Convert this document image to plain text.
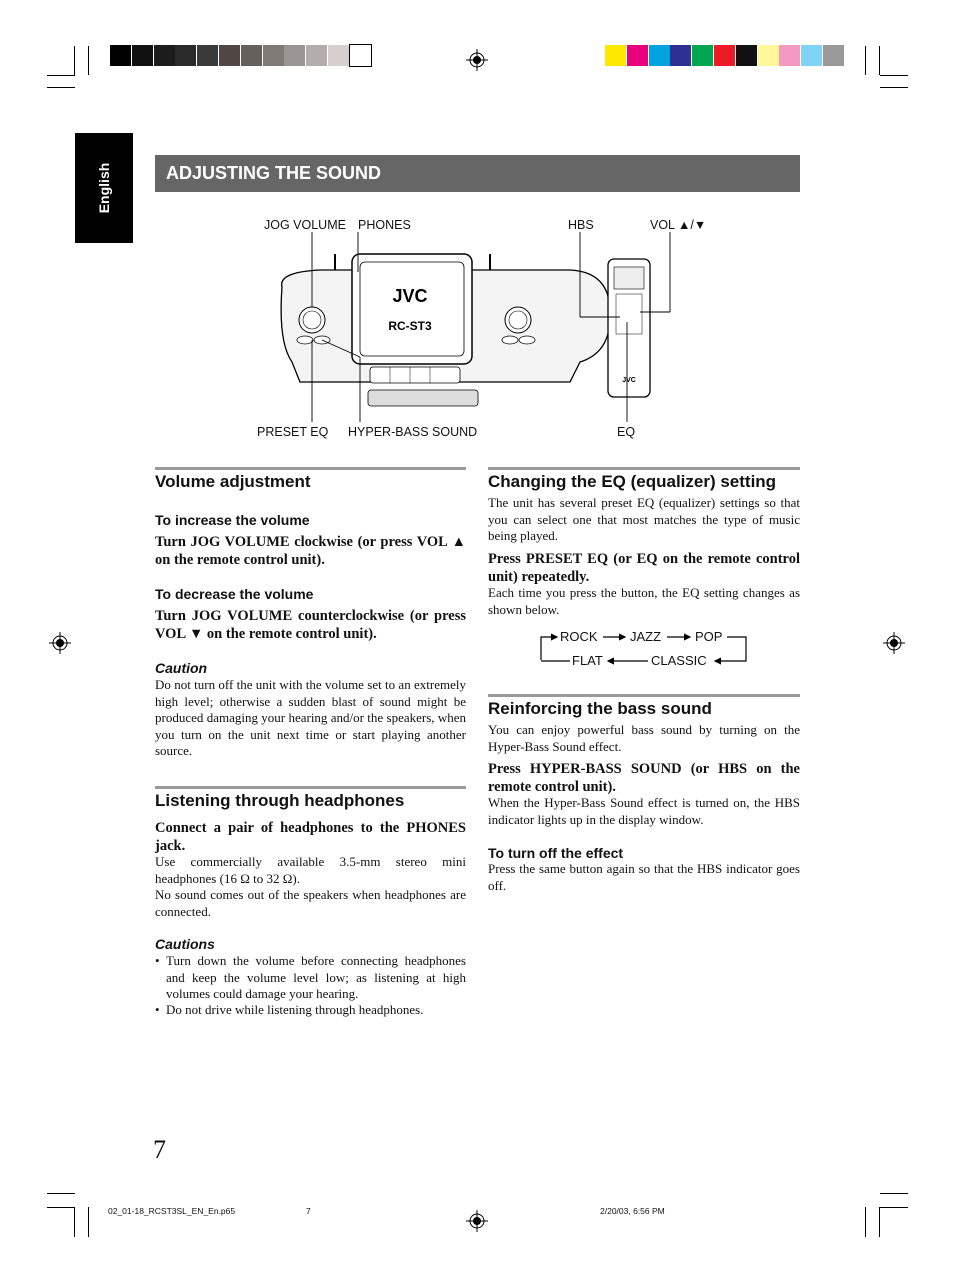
English	ADJUSTING THE SOUND
JOG VOLUME PHONES	HBS	VOL ▲/▼
PRESET EQ HYPER-BASS SOUND	EQ
JVC
RC-ST3
JVC
Volume adjustment
To increase the volume
Turn JOG VOLUME clockwise (or press VOL ▲ on the remote control unit).
To decrease the volume
Turn JOG VOLUME counterclockwise (or press VOL ▼ on the remote control unit).
Caution
Do not turn off the unit with the volume set to an extremely high level; otherwise a sudden blast of sound might be produced damaging your hearing and/or the speakers, when you turn on the unit next time or start playing another source.
Listening through headphones
Connect a pair of headphones to the PHONES jack.
Use commercially available 3.5-mm stereo mini headphones (16 Ω to 32 Ω).
No sound comes out of the speakers when headphones are connected.
Cautions
• Turn down the volume before connecting headphones and keep the volume level low; as listening at high volumes could damage your hearing.
• Do not drive while listening through headphones.
Changing the EQ (equalizer) setting
The unit has several preset EQ (equalizer) settings so that you can select one that most matches the type of music being played.
Press PRESET EQ (or EQ on the remote control unit) repeatedly.
Each time you press the button, the EQ setting changes as shown below.
ROCK JAZZ	POP
FLAT	CLASSIC
Reinforcing the bass sound
You can enjoy powerful bass sound by turning on the Hyper-Bass Sound effect.
Press HYPER-BASS SOUND (or HBS on the remote control unit).
When the Hyper-Bass Sound effect is turned on, the HBS indicator lights up in the display window.
To turn off the effect
Press the same button again so that the HBS indicator goes off.
7
02_01-18_RCST3SL_EN_En.p65	7	2/20/03, 6:56 PM
